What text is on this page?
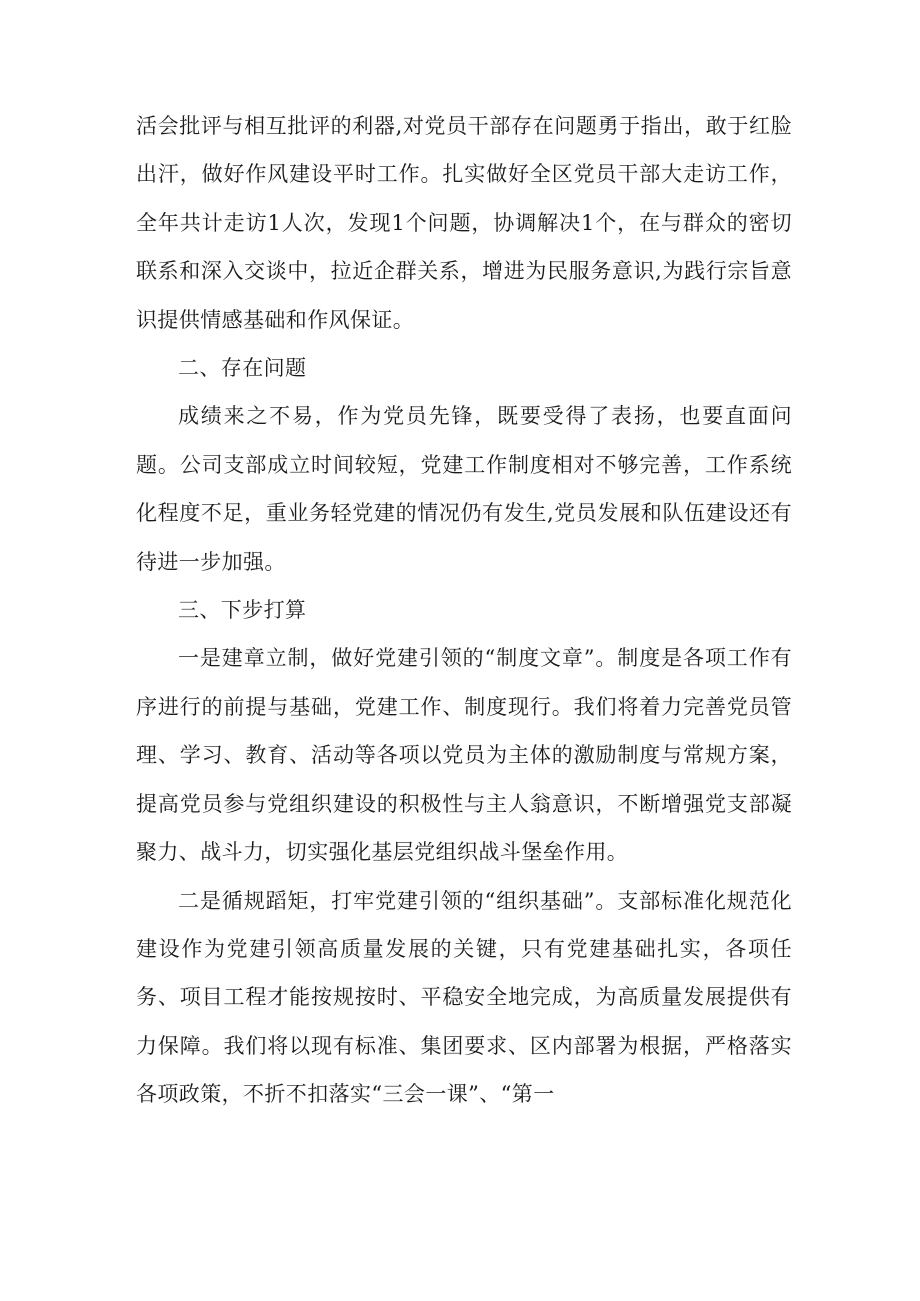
活会批评与相互批评的利器,对党员干部存在问题勇于指出，敢于红脸出汗，做好作风建设平时工作。扎实做好全区党员干部大走访工作，全年共计走访1人次，发现1个问题，协调解决1个，在与群众的密切联系和深入交谈中，拉近企群关系，增进为民服务意识,为践行宗旨意识提供情感基础和作风保证。

二、存在问题

成绩来之不易，作为党员先锋，既要受得了表扬，也要直面问题。公司支部成立时间较短，党建工作制度相对不够完善，工作系统化程度不足，重业务轻党建的情况仍有发生,党员发展和队伍建设还有待进一步加强。

三、下步打算

一是建章立制，做好党建引领的“制度文章”。制度是各项工作有序进行的前提与基础，党建工作、制度现行。我们将着力完善党员管理、学习、教育、活动等各项以党员为主体的激励制度与常规方案，提高党员参与党组织建设的积极性与主人翁意识，不断增强党支部凝聚力、战斗力，切实强化基层党组织战斗堡垒作用。

二是循规蹈矩，打牢党建引领的“组织基础”。支部标准化规范化建设作为党建引领高质量发展的关键，只有党建基础扎实，各项任务、项目工程才能按规按时、平稳安全地完成，为高质量发展提供有力保障。我们将以现有标准、集团要求、区内部署为根据，严格落实各项政策，不折不扣落实“三会一课”、“第一
